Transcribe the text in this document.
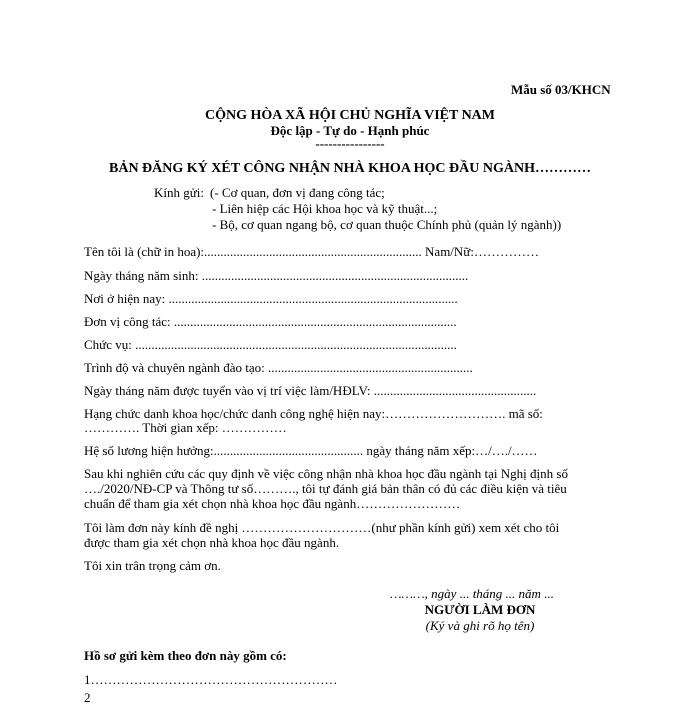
Mẫu số 03/KHCN
CỘNG HÒA XÃ HỘI CHỦ NGHĨA VIỆT NAM
Độc lập - Tự do - Hạnh phúc
----------------
BẢN ĐĂNG KÝ XÉT CÔNG NHẬN NHÀ KHOA HỌC ĐẦU NGÀNH…………
Kính gửi: (- Cơ quan, đơn vị đang công tác;
- Liên hiệp các Hội khoa học và kỹ thuật...;
- Bộ, cơ quan ngang bộ, cơ quan thuộc Chính phủ (quản lý ngành))
Tên tôi là (chữ in hoa):................................................................... Nam/Nữ:……………
Ngày tháng năm sinh: ..................................................................................
Nơi ở hiện nay: .........................................................................................
Đơn vị công tác: .......................................................................................
Chức vụ: ...................................................................................................
Trình độ và chuyên ngành đào tạo: ...............................................................
Ngày tháng năm được tuyển vào vị trí việc làm/HĐLV: ..................................................
Hạng chức danh khoa học/chức danh công nghệ hiện nay:………………………. mã số:
…………. Thời gian xếp: ……………
Hệ số lương hiện hưởng:.............................................. ngày tháng năm xếp:…/…./……
Sau khi nghiên cứu các quy định về việc công nhận nhà khoa học đầu ngành tại Nghị định số
…./2020/NĐ-CP và Thông tư số………., tôi tự đánh giá bản thân có đủ các điều kiện và tiêu
chuẩn để tham gia xét chọn nhà khoa học đầu ngành……………………
Tôi làm đơn này kính đề nghị …………………………(như phần kính gửi) xem xét cho tôi
được tham gia xét chọn nhà khoa học đầu ngành.
Tôi xin trân trọng cảm ơn.
………, ngày ... tháng ... năm ...
NGƯỜI LÀM ĐƠN
(Ký và ghi rõ họ tên)
Hồ sơ gửi kèm theo đơn này gồm có:
1…………………………………………………
2
